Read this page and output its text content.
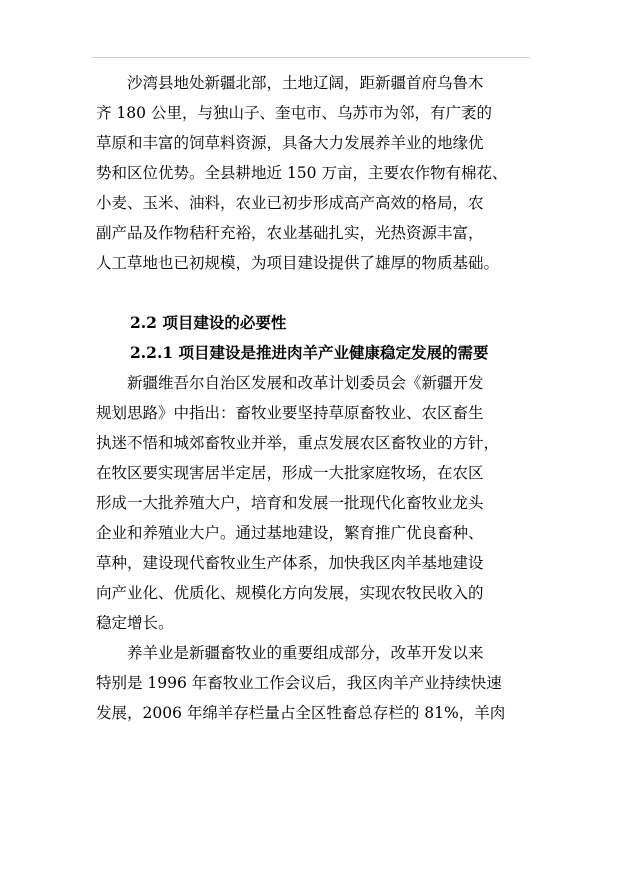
沙湾县地处新疆北部，土地辽阔，距新疆首府乌鲁木
齐 180 公里，与独山子、奎屯市、乌苏市为邻，有广袤的
草原和丰富的饲草料资源，具备大力发展养羊业的地缘优
势和区位优势。全县耕地近 150 万亩，主要农作物有棉花、
小麦、玉米、油料，农业已初步形成高产高效的格局，农
副产品及作物秸秆充裕，农业基础扎实，光热资源丰富，
人工草地也已初规模，为项目建设提供了雄厚的物质基础。
2.2 项目建设的必要性
2.2.1 项目建设是推进肉羊产业健康稳定发展的需要
新疆维吾尔自治区发展和改革计划委员会《新疆开发
规划思路》中指出：畜牧业要坚持草原畜牧业、农区畜生
执迷不悟和城郊畜牧业并举，重点发展农区畜牧业的方针，
在牧区要实现害居半定居，形成一大批家庭牧场，在农区
形成一大批养殖大户，培育和发展一批现代化畜牧业龙头
企业和养殖业大户。通过基地建设，繁育推广优良畜种、
草种，建设现代畜牧业生产体系，加快我区肉羊基地建设
向产业化、优质化、规模化方向发展，实现农牧民收入的
稳定增长。
养羊业是新疆畜牧业的重要组成部分，改革开发以来
特别是 1996 年畜牧业工作会议后，我区肉羊产业持续快速
发展，2006 年绵羊存栏量占全区牲畜总存栏的 81%，羊肉
